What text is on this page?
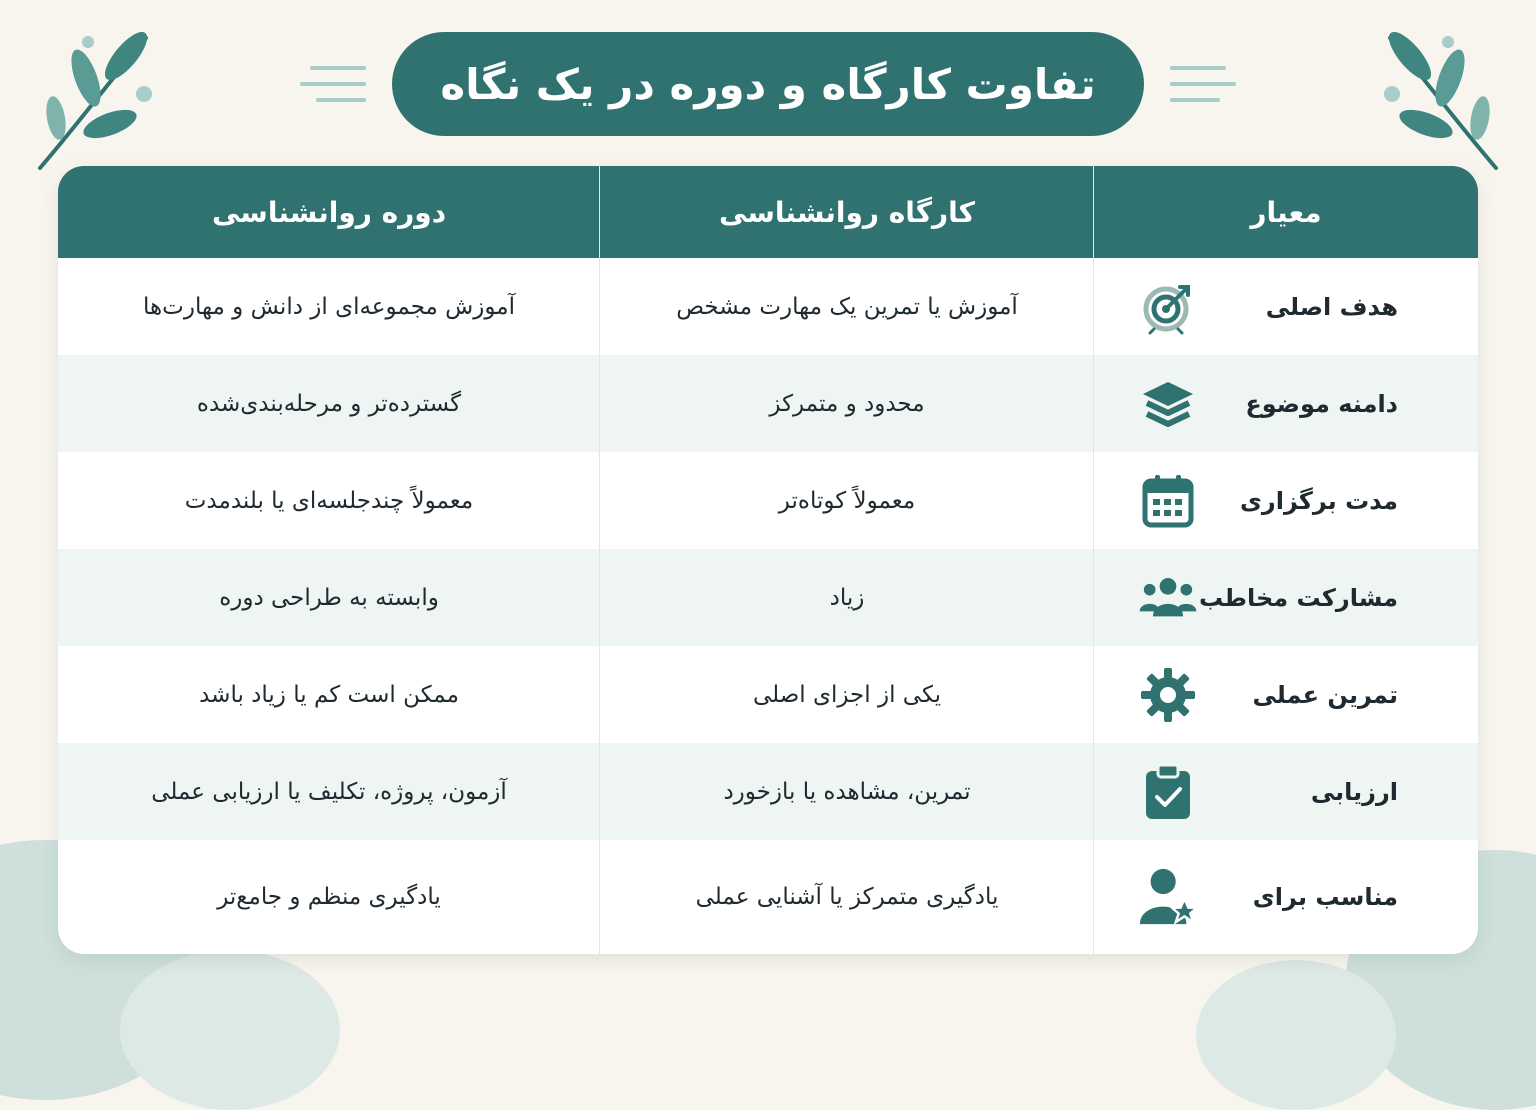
تفاوت کارگاه و دوره در یک نگاه
معیار
کارگاه روانشناسی
دوره روانشناسی
هدف اصلی
آموزش یا تمرین یک مهارت مشخص
آموزش مجموعه‌ای از دانش و مهارت‌ها
دامنه موضوع
محدود و متمرکز
گسترده‌تر و مرحله‌بندی‌شده
مدت برگزاری
معمولاً کوتاه‌تر
معمولاً چندجلسه‌ای یا بلندمدت
مشارکت مخاطب
زیاد
وابسته به طراحی دوره
تمرین عملی
یکی از اجزای اصلی
ممکن است کم یا زیاد باشد
ارزیابی
تمرین، مشاهده یا بازخورد
آزمون، پروژه، تکلیف یا ارزیابی عملی
مناسب برای
یادگیری متمرکز یا آشنایی عملی
یادگیری منظم و جامع‌تر
